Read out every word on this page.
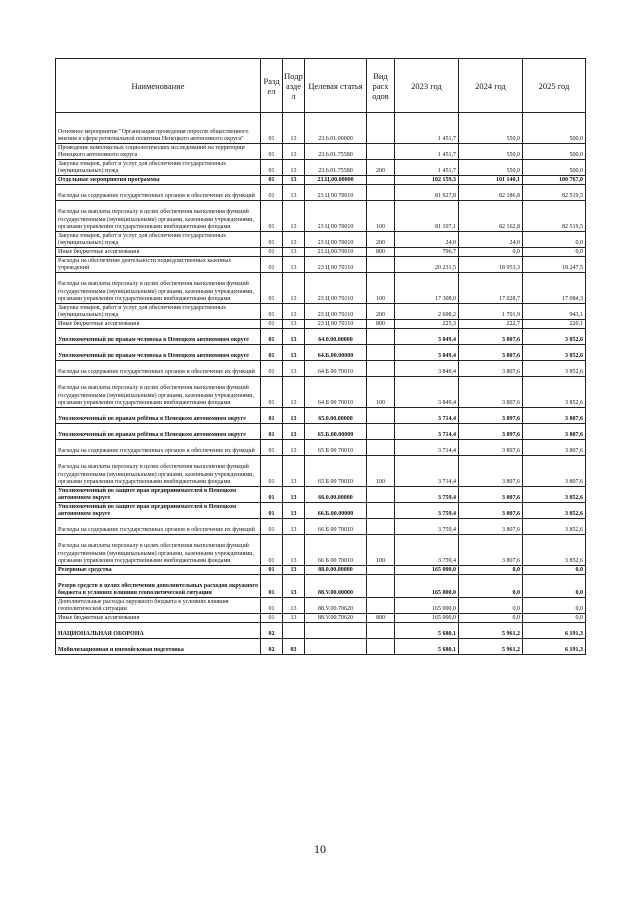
Наименование	Разд ел	Подр азде л	Целевая статья	Вид расх одов	2023 год	2024 год	2025 год
Основное мероприятие "Организация проведения опросов общественного мнения в сфере региональной политики Ненецкого автономного округа"	01	13	23.6.01.00000		1 451,7	550,0	500,0
Проведение комплексных социологических исследований на территории Ненецкого автономного округа	01	13	23.6.01.75580		1 451,7	550,0	500,0
Закупка товаров, работ и услуг для обеспечения государственных (муниципальных) нужд	01	13	23.6.01.75580	200	1 451,7	550,0	500,0
Отдельные мероприятия программы	01	13	23.Ц.00.00000		102 159,3	101 140,1	100 767,0
Расходы на содержание государственных органов и обеспечение их функций	01	13	23 Ц 00 70010		81 927,8	82 186,8	82 519,5
Расходы на выплаты персоналу в целях обеспечения выполнения функций государственными (муниципальными) органами, казенными учреждениями, органами управления государственными внебюджетными фондами	01	13	23 Ц 00 70010	100	81 107,1	82 162,8	82 519,5
Закупка товаров, работ и услуг для обеспечения государственных (муниципальных) нужд	01	13	23 Ц 00 70010	200	24,0	24,0	0,0
Иные бюджетные ассигнования	01	13	23.Ц.00.70010	800	796,7	0,0	0,0
Расходы на обеспечение деятельности подведомственных казенных учреждений	01	13	23 Ц 00 70110		20 231,5	18 953,3	18 247,5
Расходы на выплаты персоналу в целях обеспечения выполнения функций государственными (муниципальными) органами, казенными учреждениями, органами управления государственными внебюджетными фондами	01	13	23 Ц 00 70110	100	17 308,0	17 028,7	17 084,3
Закупка товаров, работ и услуг для обеспечения государственных (муниципальных) нужд	01	13	23 Ц 00 70110	200	2 698,2	1 701,9	943,1
Иные бюджетные ассигнования	01	13	23 Ц 00 70110	800	225,3	222,7	220,1
Уполномоченный по правам человека в Ненецком автономном округе	01	13	64.0.00.00000		3 849,4	3 807,6	3 852,6
Уполномоченный по правам человека в Ненецком автономном округе	01	13	64.Б.00.00000		3 849,4	3 807,6	3 852,6
Расходы на содержание государственных органов и обеспечение их функций	01	13	64 Б 00 70010		3 849,4	3 807,6	3 852,6
Расходы на выплаты персоналу в целях обеспечения выполнения функций государственными (муниципальными) органами, казенными учреждениями, органами управления государственными внебюджетными фондами	01	13	64 Б 00 70010	100	3 849,4	3 807,6	3 852,6
Уполномоченный по правам ребёнка в Ненецком автономном округе	01	13	65.0.00.00000		3 714,4	3 897,6	3 807,6
Уполномоченный по правам ребёнка в Ненецком автономном округе	01	13	65.Б.00.00000		3 714,4	3 897,6	3 807,6
Расходы на содержание государственных органов и обеспечение их функций	01	13	65 Б 00 70010		3 714,4	3 897,6	3 807,6
Расходы на выплаты персоналу в целях обеспечения выполнения функций государственными (муниципальными) органами, казенными учреждениями, органами управления государственными внебюджетными фондами	01	13	65 Б 00 70010	100	3 714,4	3 897,6	3 807,6
Уполномоченный по защите прав предпринимателей в Ненецком автономном округе	01	13	66.0.00.00000		3 759,4	3 807,6	3 852,6
Уполномоченный по защите прав предпринимателей в Ненецком автономном округе	01	13	66.Б.00.00000		3 759,4	3 807,6	3 852,6
Расходы на содержание государственных органов и обеспечение их функций	01	13	66 Б 00 70010		3 759,4	3 807,6	3 852,6
Расходы на выплаты персоналу в целях обеспечения выполнения функций государственными (муниципальными) органами, казенными учреждениями, органами управления государственными внебюджетными фондами	01	13	66 Б 00 70010	100	3 759,4	3 807,6	3 852,6
Резервные средства	01	13	88.0.00.00000		165 000,0	0,0	0,0
Резерв средств в целях обеспечения дополнительных расходов окружного бюджета в условиях влияния геополитической ситуации	01	13	88.V.00.00000		165 000,0	0,0	0,0
Дополнительные расходы окружного бюджета в условиях влияния геополитической ситуации	01	13	88.V.00.70620		165 000,0	0,0	0,0
Иные бюджетные ассигнования	01	13	88.V.00.70620	800	165 000,0	0,0	0,0
НАЦИОНАЛЬНАЯ ОБОРОНА	02				5 680,1	5 961,2	6 191,3
Мобилизационная и вневойсковая подготовка	02	03			5 680,1	5 961,2	6 191,3
10
